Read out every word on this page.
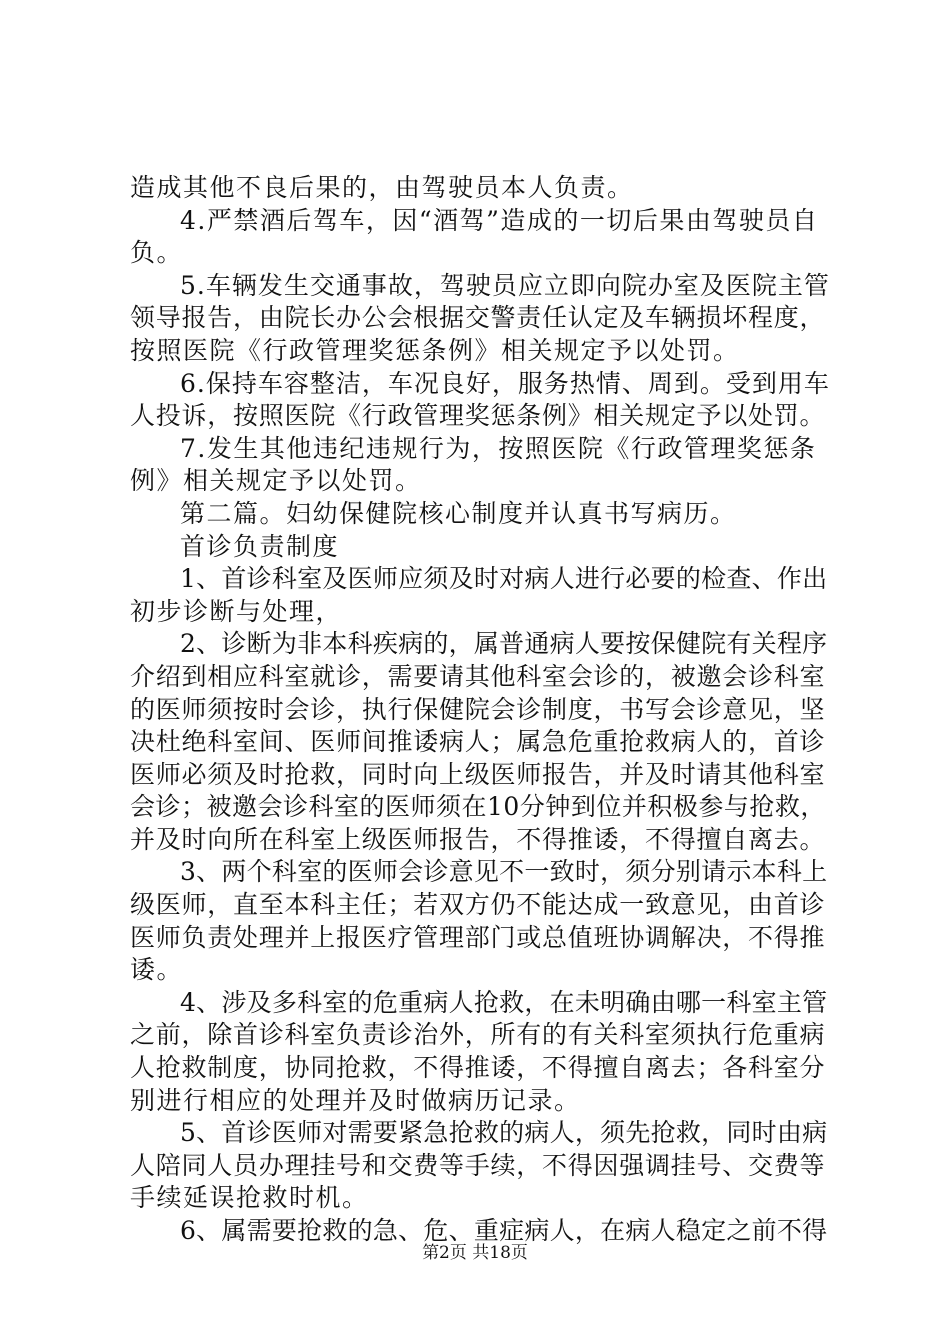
造成其他不良后果的，由驾驶员本人负责。
4.严禁酒后驾车，因“酒驾”造成的一切后果由驾驶员自
负。
5.车辆发生交通事故，驾驶员应立即向院办室及医院主管
领导报告，由院长办公会根据交警责任认定及车辆损坏程度，
按照医院《行政管理奖惩条例》相关规定予以处罚。
6.保持车容整洁，车况良好，服务热情、周到。受到用车
人投诉，按照医院《行政管理奖惩条例》相关规定予以处罚。
7.发生其他违纪违规行为，按照医院《行政管理奖惩条
例》相关规定予以处罚。
第二篇。妇幼保健院核心制度并认真书写病历。
首诊负责制度
1、首诊科室及医师应须及时对病人进行必要的检查、作出
初步诊断与处理，
2、诊断为非本科疾病的，属普通病人要按保健院有关程序
介绍到相应科室就诊，需要请其他科室会诊的，被邀会诊科室
的医师须按时会诊，执行保健院会诊制度，书写会诊意见，坚
决杜绝科室间、医师间推诿病人；属急危重抢救病人的，首诊
医师必须及时抢救，同时向上级医师报告，并及时请其他科室
会诊；被邀会诊科室的医师须在10分钟到位并积极参与抢救，
并及时向所在科室上级医师报告，不得推诿，不得擅自离去。
3、两个科室的医师会诊意见不一致时，须分别请示本科上
级医师，直至本科主任；若双方仍不能达成一致意见，由首诊
医师负责处理并上报医疗管理部门或总值班协调解决，不得推
诿。
4、涉及多科室的危重病人抢救，在未明确由哪一科室主管
之前，除首诊科室负责诊治外，所有的有关科室须执行危重病
人抢救制度，协同抢救，不得推诿，不得擅自离去；各科室分
别进行相应的处理并及时做病历记录。
5、首诊医师对需要紧急抢救的病人，须先抢救，同时由病
人陪同人员办理挂号和交费等手续，不得因强调挂号、交费等
手续延误抢救时机。
6、属需要抢救的急、危、重症病人，在病人稳定之前不得
第2页 共18页
